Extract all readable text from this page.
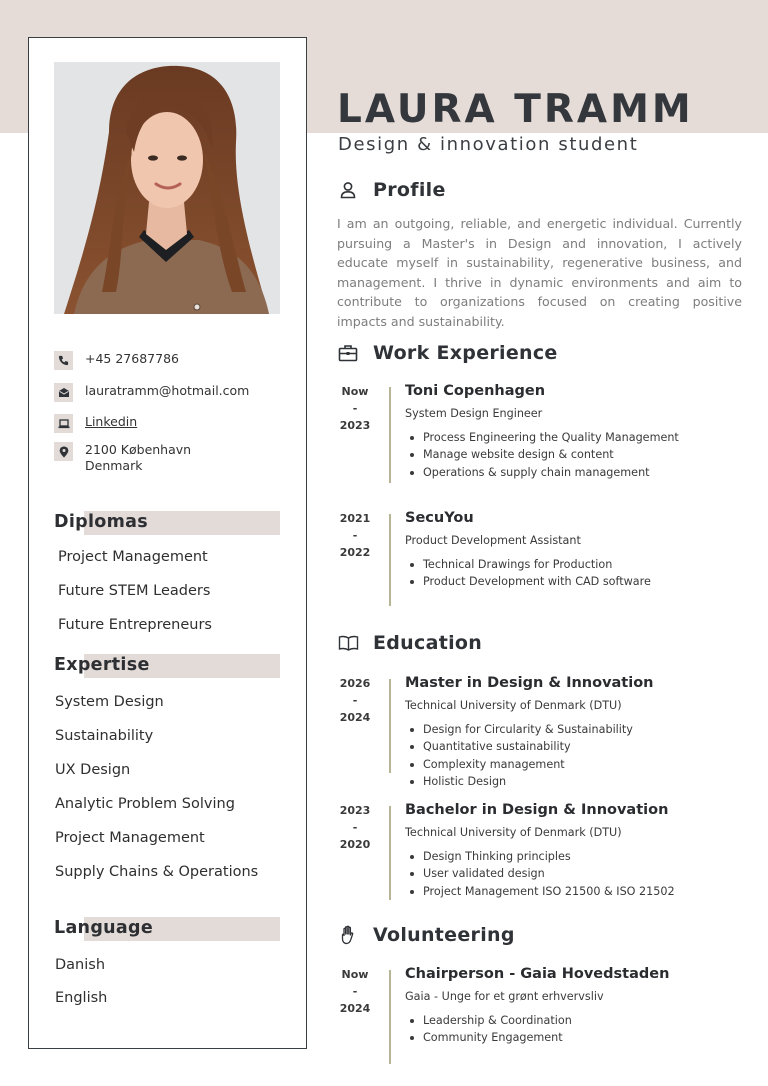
+45 27687786
lauratramm@hotmail.com
Linkedin
2100 København
Denmark
Diplomas
Project Management
Future STEM Leaders
Future Entrepreneurs
Expertise
System Design
Sustainability
UX Design
Analytic Problem Solving
Project Management
Supply Chains & Operations
Language
Danish
English
LAURA TRAMM
Design & innovation student
Profile
I am an outgoing, reliable, and energetic individual. Currently pursuing a Master's in Design and innovation, I actively educate myself in sustainability, regenerative business, and management. I thrive in dynamic environments and aim to contribute to organizations focused on creating positive impacts and sustainability.
Work Experience
Now
-
2023
Toni Copenhagen
System Design Engineer
Process Engineering the Quality Management
Manage website design & content
Operations & supply chain management
2021
-
2022
SecuYou
Product Development Assistant
Technical Drawings for Production
Product Development with CAD software
Education
2026
-
2024
Master in Design & Innovation
Technical University of Denmark (DTU)
Design for Circularity & Sustainability
Quantitative sustainability
Complexity management
Holistic Design
2023
-
2020
Bachelor in Design & Innovation
Technical University of Denmark (DTU)
Design Thinking principles
User validated design
Project Management ISO 21500 & ISO 21502
Volunteering
Now
-
2024
Chairperson - Gaia Hovedstaden
Gaia - Unge for et grønt erhvervsliv
Leadership & Coordination
Community Engagement
